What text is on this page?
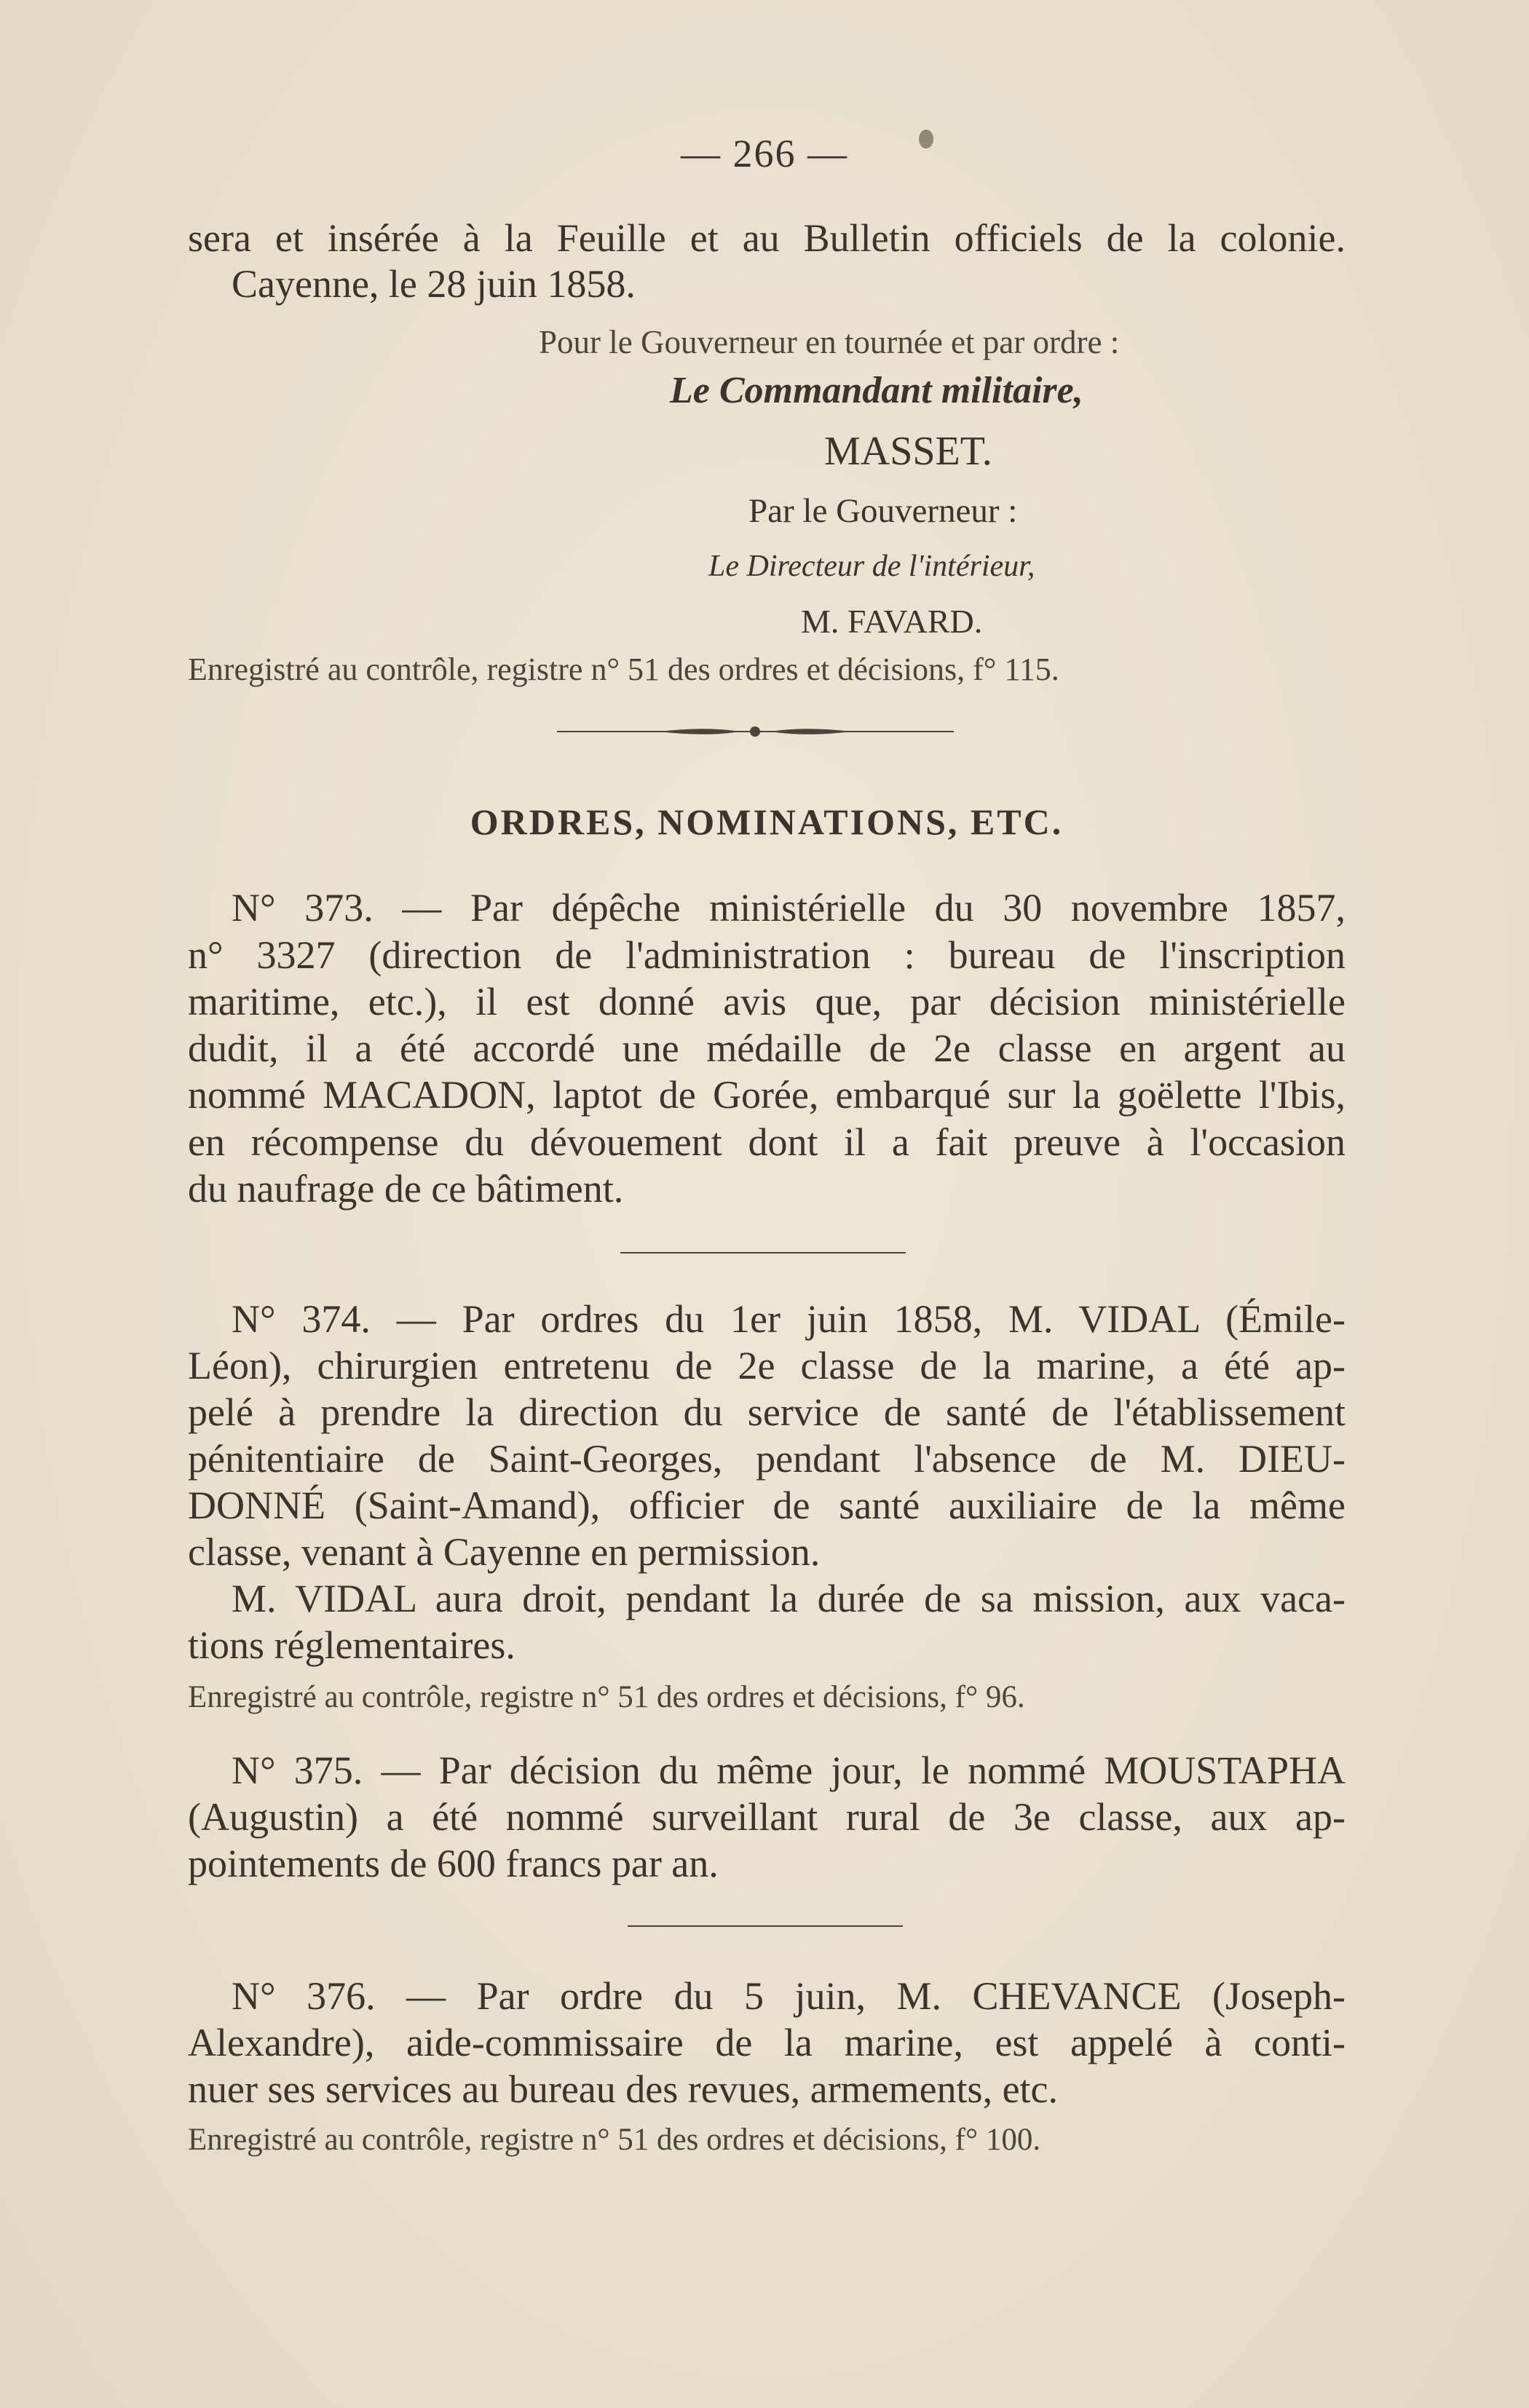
— 266 —
sera et insérée à la Feuille et au Bulletin officiels de la colonie.
Cayenne, le 28 juin 1858.
Pour le Gouverneur en tournée et par ordre :
Le Commandant militaire,
MASSET.
Par le Gouverneur :
Le Directeur de l'intérieur,
M. FAVARD.
Enregistré au contrôle, registre n° 51 des ordres et décisions, f° 115.
ORDRES, NOMINATIONS, ETC.
N° 373. — Par dépêche ministérielle du 30 novembre 1857,
n° 3327 (direction de l'administration : bureau de l'inscription
maritime, etc.), il est donné avis que, par décision ministérielle
dudit, il a été accordé une médaille de 2e classe en argent au
nommé MACADON, laptot de Gorée, embarqué sur la goëlette l'Ibis,
en récompense du dévouement dont il a fait preuve à l'occasion
du naufrage de ce bâtiment.
N° 374. — Par ordres du 1er juin 1858, M. VIDAL (Émile-
Léon), chirurgien entretenu de 2e classe de la marine, a été ap-
pelé à prendre la direction du service de santé de l'établissement
pénitentiaire de Saint-Georges, pendant l'absence de M. DIEU-
DONNÉ (Saint-Amand), officier de santé auxiliaire de la même
classe, venant à Cayenne en permission.
M. VIDAL aura droit, pendant la durée de sa mission, aux vaca-
tions réglementaires.
Enregistré au contrôle, registre n° 51 des ordres et décisions, f° 96.
N° 375. — Par décision du même jour, le nommé MOUSTAPHA
(Augustin) a été nommé surveillant rural de 3e classe, aux ap-
pointements de 600 francs par an.
N° 376. — Par ordre du 5 juin, M. CHEVANCE (Joseph-
Alexandre), aide-commissaire de la marine, est appelé à conti-
nuer ses services au bureau des revues, armements, etc.
Enregistré au contrôle, registre n° 51 des ordres et décisions, f° 100.
